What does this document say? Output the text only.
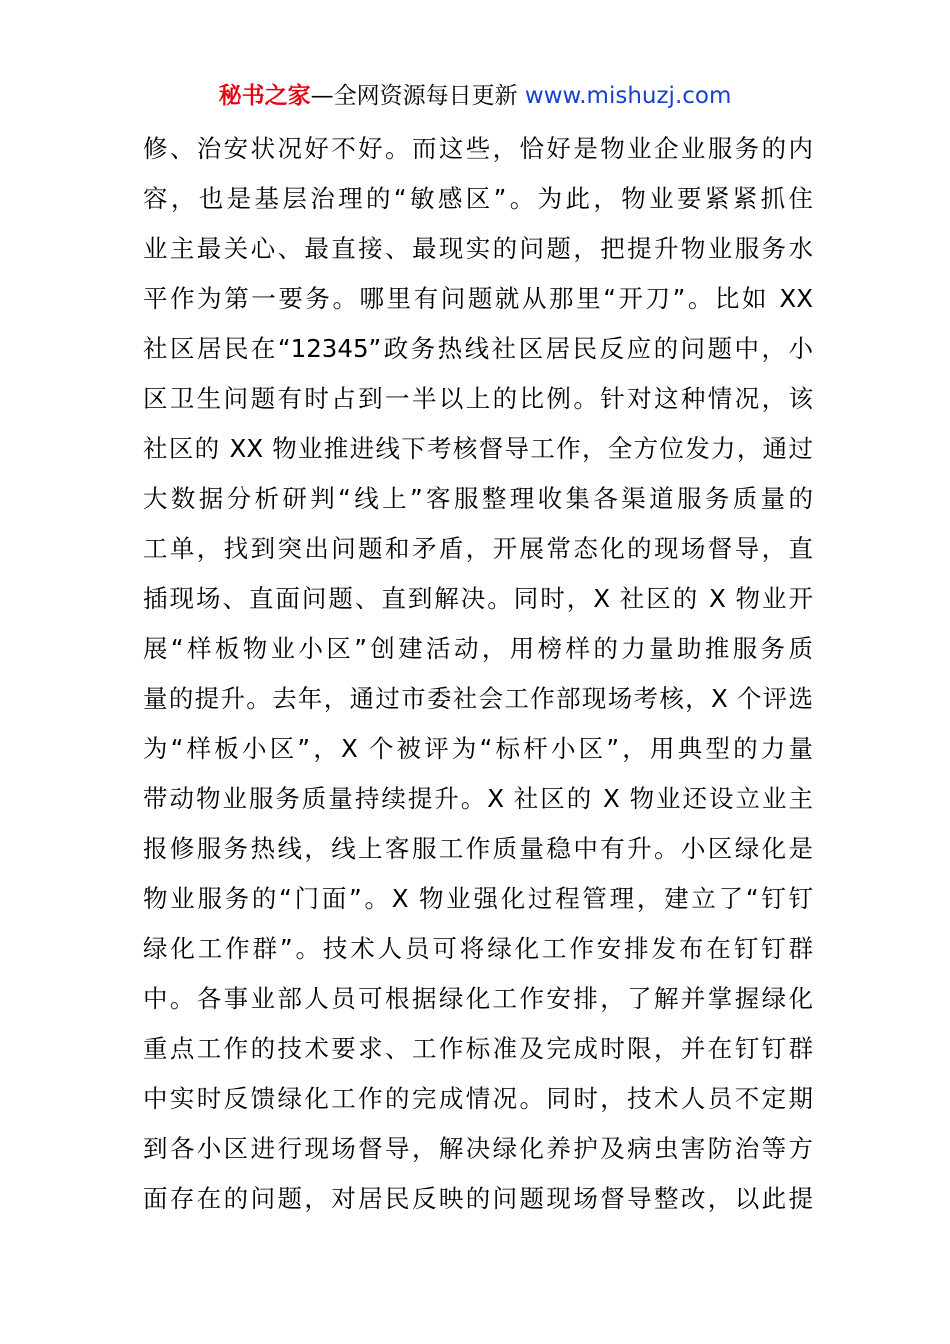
秘书之家—全网资源每日更新 www.mishuzj.com
修、治安状况好不好。而这些，恰好是物业企业服务的内
容，也是基层治理的“敏感区”。为此，物业要紧紧抓住
业主最关心、最直接、最现实的问题，把提升物业服务水
平作为第一要务。哪里有问题就从那里“开刀”。比如 XX
社区居民在“12345”政务热线社区居民反应的问题中，小
区卫生问题有时占到一半以上的比例。针对这种情况，该
社区的 XX 物业推进线下考核督导工作，全方位发力，通过
大数据分析研判“线上”客服整理收集各渠道服务质量的
工单，找到突出问题和矛盾，开展常态化的现场督导，直
插现场、直面问题、直到解决。同时，X 社区的 X 物业开
展“样板物业小区”创建活动，用榜样的力量助推服务质
量的提升。去年，通过市委社会工作部现场考核，X 个评选
为“样板小区”，X 个被评为“标杆小区”，用典型的力量
带动物业服务质量持续提升。X 社区的 X 物业还设立业主
报修服务热线，线上客服工作质量稳中有升。小区绿化是
物业服务的“门面”。X 物业强化过程管理，建立了“钉钉
绿化工作群”。技术人员可将绿化工作安排发布在钉钉群
中。各事业部人员可根据绿化工作安排，了解并掌握绿化
重点工作的技术要求、工作标准及完成时限，并在钉钉群
中实时反馈绿化工作的完成情况。同时，技术人员不定期
到各小区进行现场督导，解决绿化养护及病虫害防治等方
面存在的问题，对居民反映的问题现场督导整改，以此提
